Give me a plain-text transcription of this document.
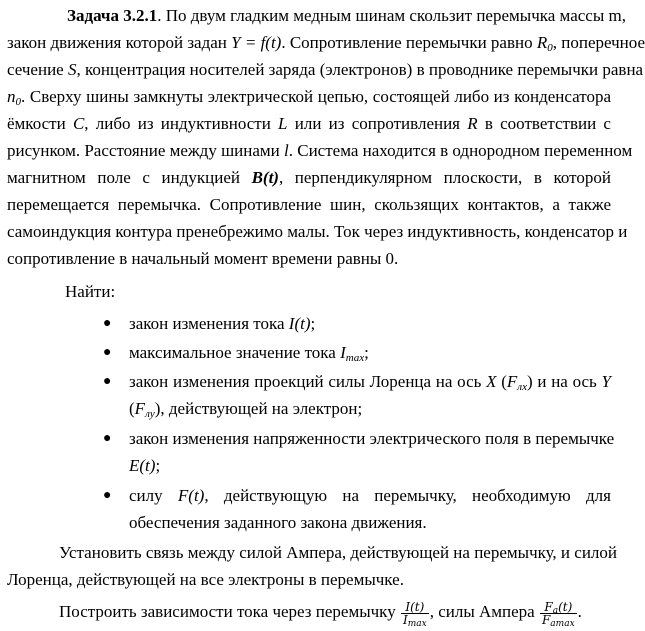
Задача 3.2.1. По двум гладким медным шинам скользит перемычка массы m,
закон движения которой задан Y = f(t). Сопротивление перемычки равно $R_0$, поперечное
сечение S, концентрация носителей заряда (электронов) в проводнике перемычки равна
$n_0$. Сверху шины замкнуты электрической цепью, состоящей либо из конденсатора
ёмкости C, либо из индуктивности L или из сопротивления R в соответствии с
рисунком. Расстояние между шинами l. Система находится в однородном переменном
магнитном поле с индукцией B(t), перпендикулярном плоскости, в которой
перемещается перемычка. Сопротивление шин, скользящих контактов, а также
самоиндукция контура пренебрежимо малы. Ток через индуктивность, конденсатор и
сопротивление в начальный момент времени равны 0.
Найти:
● закон изменения тока I(t);
● максимальное значение тока $I_{max}$;
● закон изменения проекций силы Лоренца на ось X $(F_{лx})$ и на ось Y
$(F_{лy})$, действующей на электрон;
● закон изменения напряженности электрического поля в перемычке
E(t);
● силу F(t), действующую на перемычку, необходимую для
обеспечения заданного закона движения.
Установить связь между силой Ампера, действующей на перемычку, и силой
Лоренца, действующей на все электроны в перемычке.
Построить зависимости тока через перемычку $\frac{I(t)}{I_{max}}$ , силы Ампера $\frac{F_a(t)}{F_{amax}}$ .
